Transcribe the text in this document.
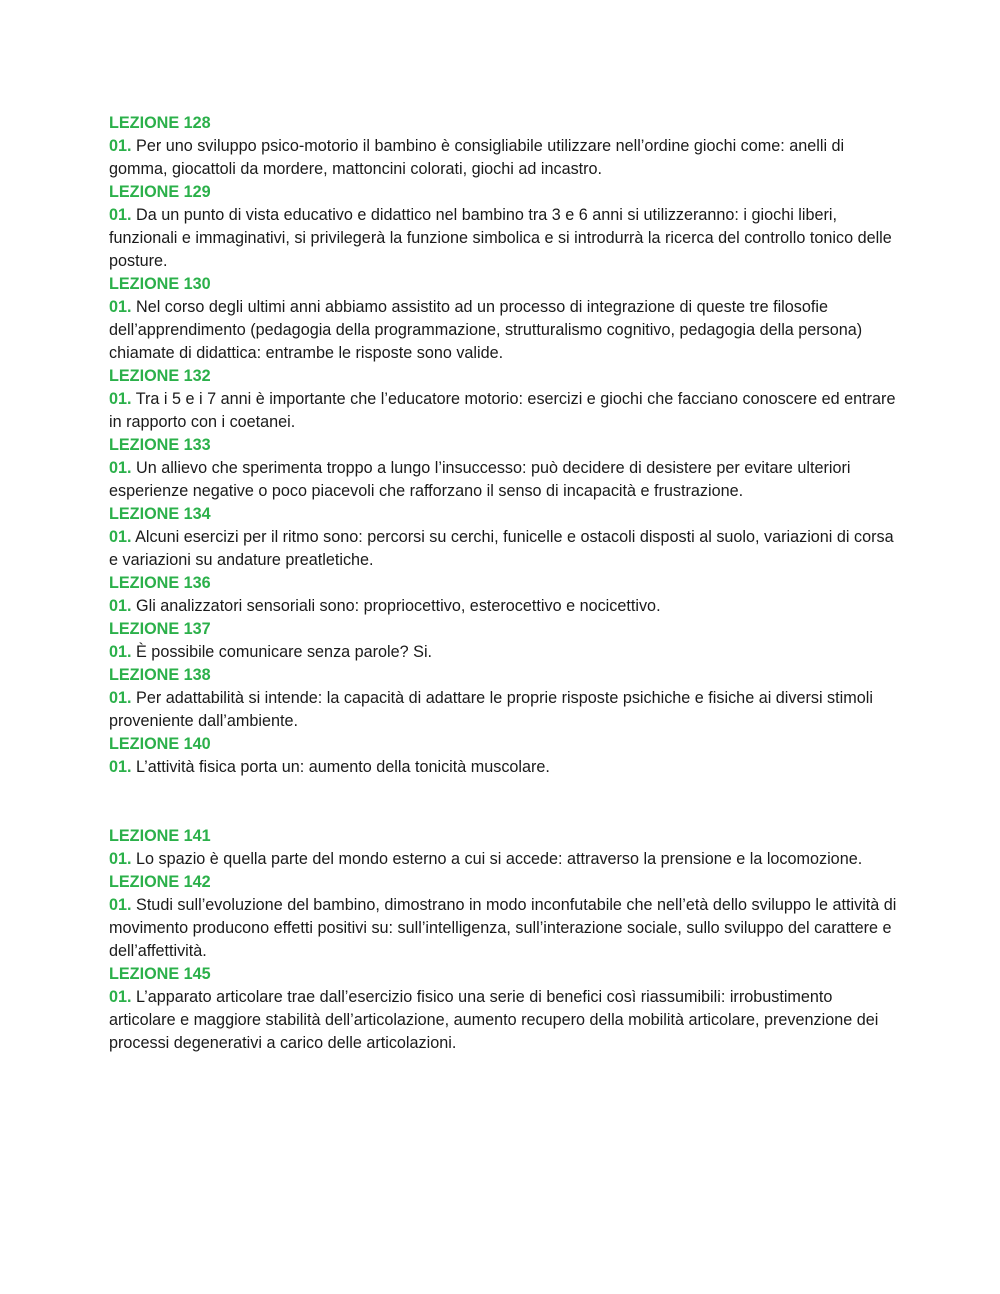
LEZIONE 128

01. Per uno sviluppo psico-motorio il bambino è consigliabile utilizzare nell’ordine giochi come: anelli di gomma, giocattoli da mordere, mattoncini colorati, giochi ad incastro.

LEZIONE 129

01. Da un punto di vista educativo e didattico nel bambino tra 3 e 6 anni si utilizzeranno: i giochi liberi, funzionali e immaginativi, si privilegerà la funzione simbolica e si introdurrà la ricerca del controllo tonico delle posture.

LEZIONE 130

01. Nel corso degli ultimi anni abbiamo assistito ad un processo di integrazione di queste tre filosofie dell’apprendimento (pedagogia della programmazione, strutturalismo cognitivo, pedagogia della persona) chiamate di didattica: entrambe le risposte sono valide.

LEZIONE 132

01. Tra i 5 e i 7 anni è importante che l’educatore motorio: esercizi e giochi che facciano conoscere ed entrare in rapporto con i coetanei.

LEZIONE 133

01. Un allievo che sperimenta troppo a lungo l’insuccesso: può decidere di desistere per evitare ulteriori esperienze negative o poco piacevoli che rafforzano il senso di incapacità e frustrazione.

LEZIONE 134

01. Alcuni esercizi per il ritmo sono: percorsi su cerchi, funicelle e ostacoli disposti al suolo, variazioni di corsa e variazioni su andature preatletiche.

LEZIONE 136

01. Gli analizzatori sensoriali sono: propriocettivo, esterocettivo e nocicettivo.

LEZIONE 137

01. È possibile comunicare senza parole? Si.

LEZIONE 138

01. Per adattabilità si intende: la capacità di adattare le proprie risposte psichiche e fisiche ai diversi stimoli proveniente dall’ambiente.

LEZIONE 140

01. L’attività fisica porta un: aumento della tonicità muscolare.

LEZIONE 141

01. Lo spazio è quella parte del mondo esterno a cui si accede: attraverso la prensione e la locomozione.

LEZIONE 142

01. Studi sull’evoluzione del bambino, dimostrano in modo inconfutabile che nell’età dello sviluppo le attività di movimento producono effetti positivi su: sull’intelligenza, sull’interazione sociale, sullo sviluppo del carattere e dell’affettività.

LEZIONE 145

01. L’apparato articolare trae dall’esercizio fisico una serie di benefici così riassumibili: irrobustimento articolare e maggiore stabilità dell’articolazione, aumento recupero della mobilità articolare, prevenzione dei processi degenerativi a carico delle articolazioni.
